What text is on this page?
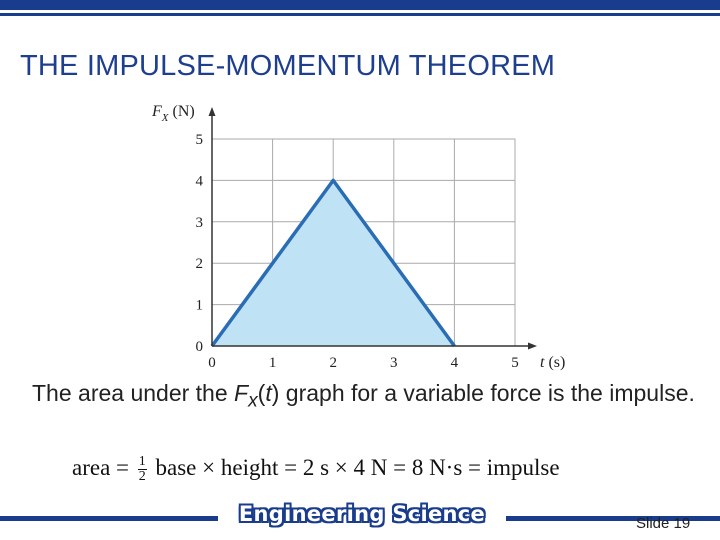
THE IMPULSE-MOMENTUM THEOREM
0	1	2	3	4	5
0
1
2
3
4
5
t (s)
$F_X$ (N)
The area under the $F_x(t)$ graph for a variable force is the impulse.
area = $\frac{1}{2}$ base × height = 2 s × 4 N = 8 N·s = impulse
Engineering Science	Slide 19
